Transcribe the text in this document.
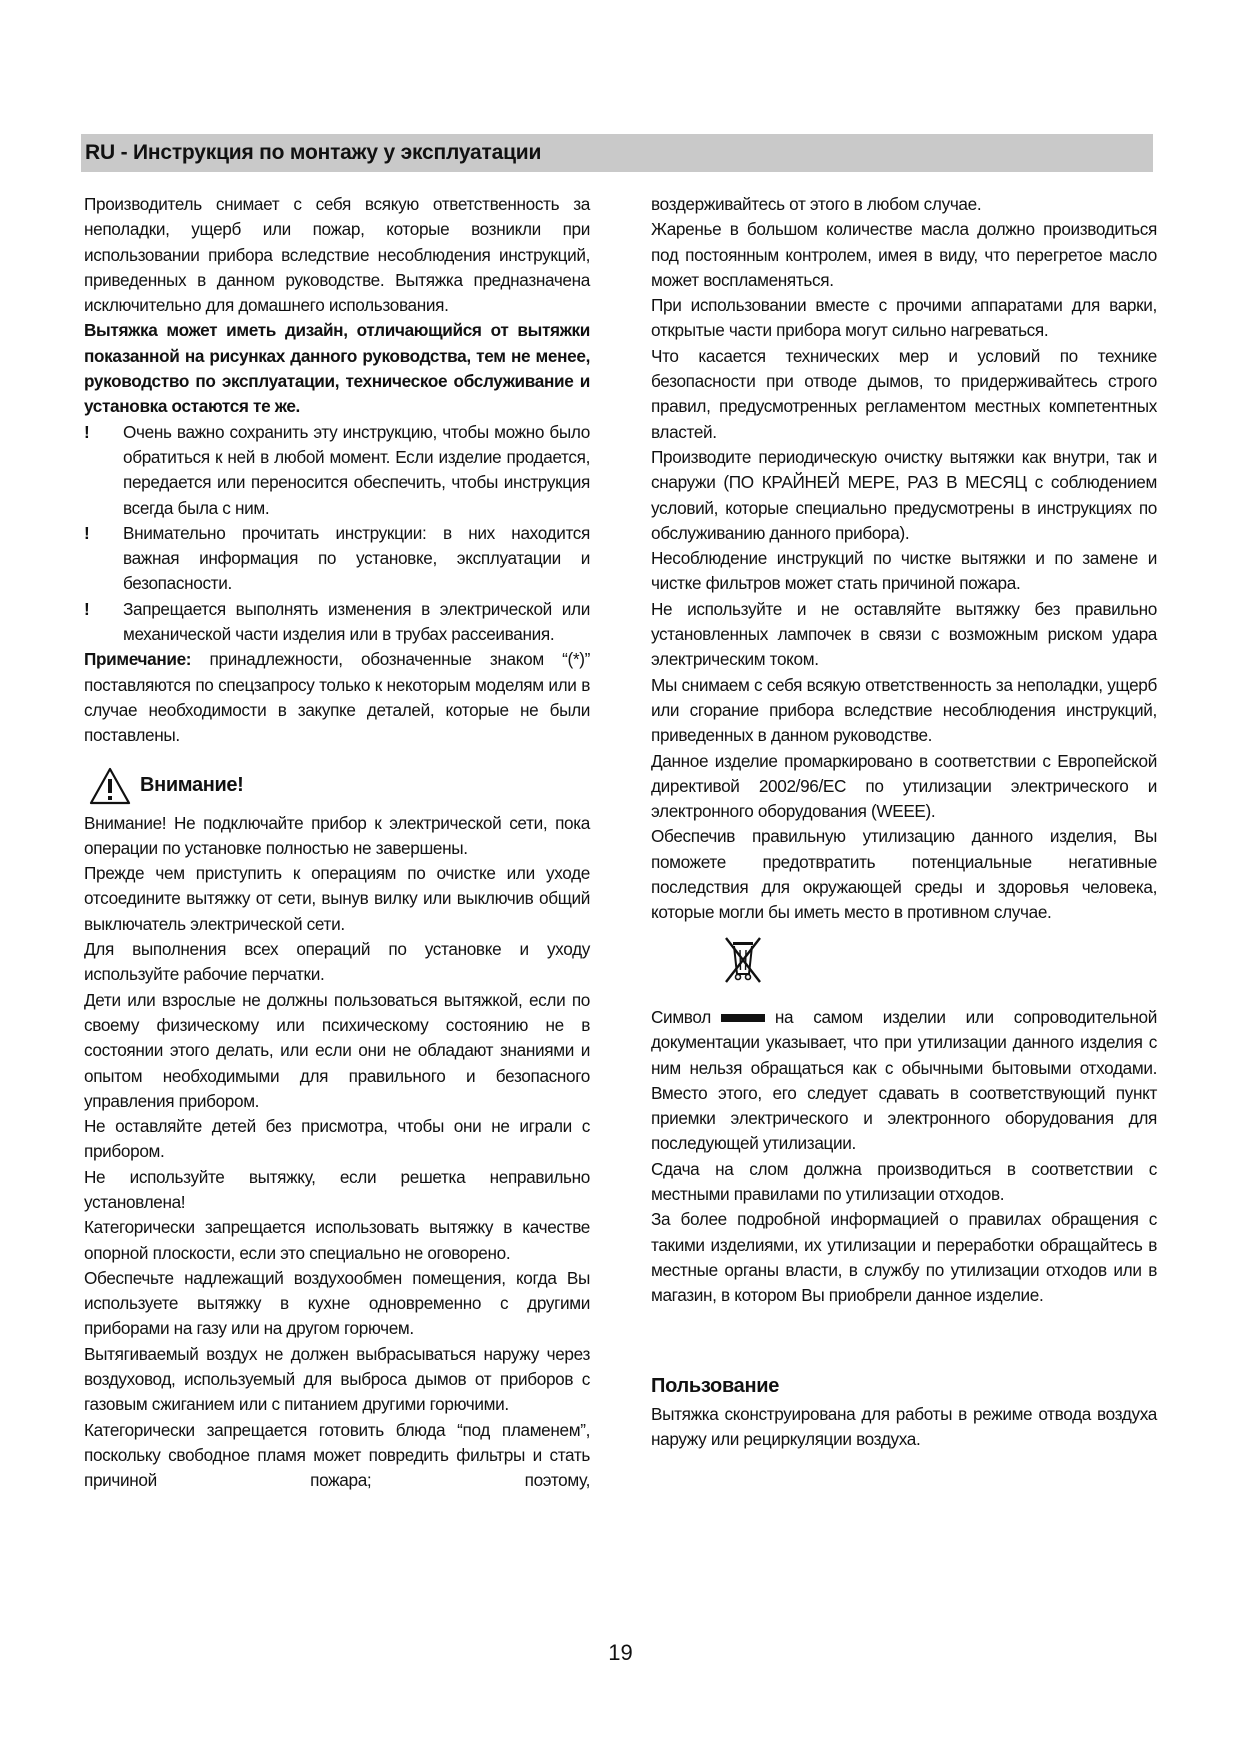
RU - Инструкция по монтажу у эксплуатации

Производитель снимает с себя всякую ответственность за неполадки, ущерб или пожар, которые возникли при использовании прибора вследствие несоблюдения инструкций, приведенных в данном руководстве. Вытяжка предназначена исключительно для домашнего использования.

Вытяжка может иметь дизайн, отличающийся от вытяжки показанной на рисунках данного руководства, тем не менее, руководство по эксплуатации, техническое обслуживание и установка остаются те же.

!	Очень важно сохранить эту инструкцию, чтобы можно было обратиться к ней в любой момент. Если изделие продается, передается или переносится обеспечить, чтобы инструкция всегда была с ним.
!	Внимательно прочитать инструкции: в них находится важная информация по установке, эксплуатации и безопасности.
!	Запрещается выполнять изменения в электрической или механической части изделия или в трубах рассеивания.

Примечание: принадлежности, обозначенные знаком “(*)” поставляются по спецзапросу только к некоторым моделям или в случае необходимости в закупке деталей, которые не были поставлены.

Внимание!

Внимание! Не подключайте прибор к электрической сети, пока операции по установке полностью не завершены.

Прежде чем приступить к операциям по очистке или уходе отсоедините вытяжку от сети, вынув вилку или выключив общий выключатель электрической сети.

Для выполнения всех операций по установке и уходу используйте рабочие перчатки.

Дети или взрослые не должны пользоваться вытяжкой, если по своему физическому или психическому состоянию не в состоянии этого делать, или если они не обладают знаниями и опытом необходимыми для правильного и безопасного управления прибором.

Не оставляйте детей без присмотра, чтобы они не играли с прибором.

Не используйте вытяжку, если решетка неправильно установлена!

Категорически запрещается использовать вытяжку в качестве опорной плоскости, если это специально не оговорено.

Обеспечьте надлежащий воздухообмен помещения, когда Вы используете вытяжку в кухне одновременно с другими приборами на газу или на другом горючем.

Вытягиваемый воздух не должен выбрасываться наружу через воздуховод, используемый для выброса дымов от приборов с газовым сжиганием или с питанием другими горючими.

Категорически запрещается готовить блюда “под пламенем”, поскольку свободное пламя может повредить фильтры и стать причиной пожара; поэтому,

воздерживайтесь от этого в любом случае.

Жаренье в большом количестве масла должно производиться под постоянным контролем, имея в виду, что перегретое масло может воспламеняться.

При использовании вместе с прочими аппаратами для варки, открытые части прибора могут сильно нагреваться.

Что касается технических мер и условий по технике безопасности при отводе дымов, то придерживайтесь строго правил, предусмотренных регламентом местных компетентных властей.

Производите периодическую очистку вытяжки как внутри, так и снаружи (ПО КРАЙНЕЙ МЕРЕ, РАЗ В МЕСЯЦ с соблюдением условий, которые специально предусмотрены в инструкциях по обслуживанию данного прибора).

Несоблюдение инструкций по чистке вытяжки и по замене и чистке фильтров может стать причиной пожара.

Не используйте и не оставляйте вытяжку без правильно установленных лампочек в связи с возможным риском удара электрическим током.

Мы снимаем с себя всякую ответственность за неполадки, ущерб или сгорание прибора вследствие несоблюдения инструкций, приведенных в данном руководстве.

Данное изделие промаркировано в соответствии с Европейской директивой 2002/96/ЕС по утилизации электрического и электронного оборудования (WEEE).

Обеспечив правильную утилизацию данного изделия, Вы поможете предотвратить потенциальные негативные последствия для окружающей среды и здоровья человека, которые могли бы иметь место в противном случае.

Символ	на самом изделии или сопроводительной документации указывает, что при утилизации данного изделия с ним нельзя обращаться как с обычными бытовыми отходами. Вместо этого, его следует сдавать в соответствующий пункт приемки электрического и электронного оборудования для последующей утилизации.

Сдача на слом должна производиться в соответствии с местными правилами по утилизации отходов.

За более подробной информацией о правилах обращения с такими изделиями, их утилизации и переработки обращайтесь в местные органы власти, в службу по утилизации отходов или в магазин, в котором Вы приобрели данное изделие.

Пользование

Вытяжка сконструирована для работы в режиме отвода воздуха наружу или рециркуляции воздуха.

19
